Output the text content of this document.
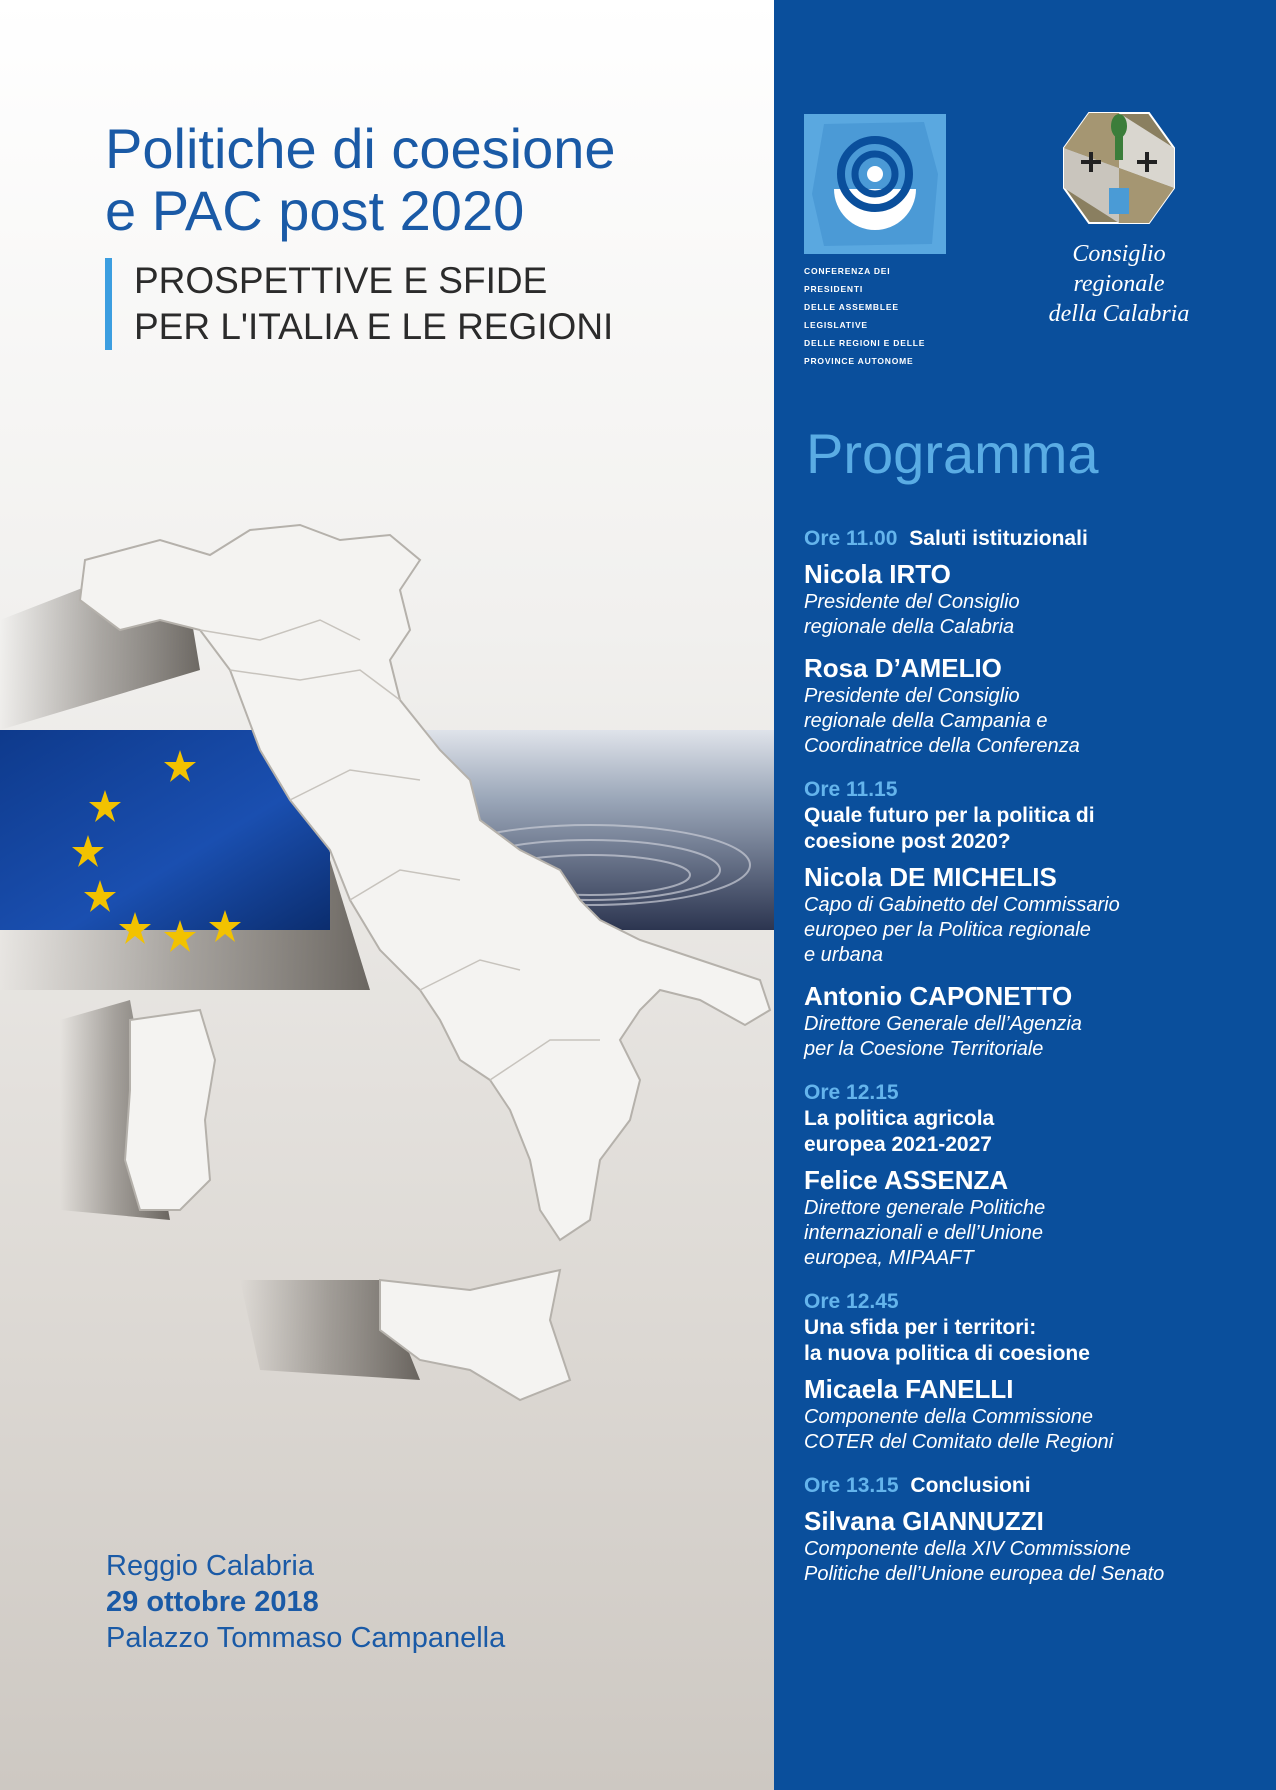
Politiche di coesione
e PAC post 2020
PROSPETTIVE E SFIDE
PER L'ITALIA E LE REGIONI
Reggio Calabria
29 ottobre 2018
Palazzo Tommaso Campanella
CONFERENZA DEI PRESIDENTI
DELLE ASSEMBLEE LEGISLATIVE
DELLE REGIONI E DELLE
PROVINCE AUTONOME
Consiglio regionale
della Calabria
Programma
Ore 11.00 Saluti istituzionali
Nicola IRTO
Presidente del Consiglio
regionale della Calabria
Rosa D’AMELIO
Presidente del Consiglio
regionale della Campania e
Coordinatrice della Conferenza
Ore 11.15
Quale futuro per la politica di
coesione post 2020?
Nicola DE MICHELIS
Capo di Gabinetto del Commissario
europeo per la Politica regionale
e urbana
Antonio CAPONETTO
Direttore Generale dell’Agenzia
per la Coesione Territoriale
Ore 12.15
La politica agricola
europea 2021-2027
Felice ASSENZA
Direttore generale Politiche
internazionali e dell’Unione
europea, MIPAAFT
Ore 12.45
Una sfida per i territori:
la nuova politica di coesione
Micaela FANELLI
Componente della Commissione
COTER del Comitato delle Regioni
Ore 13.15 Conclusioni
Silvana GIANNUZZI
Componente della XIV Commissione
Politiche dell’Unione europea del Senato
